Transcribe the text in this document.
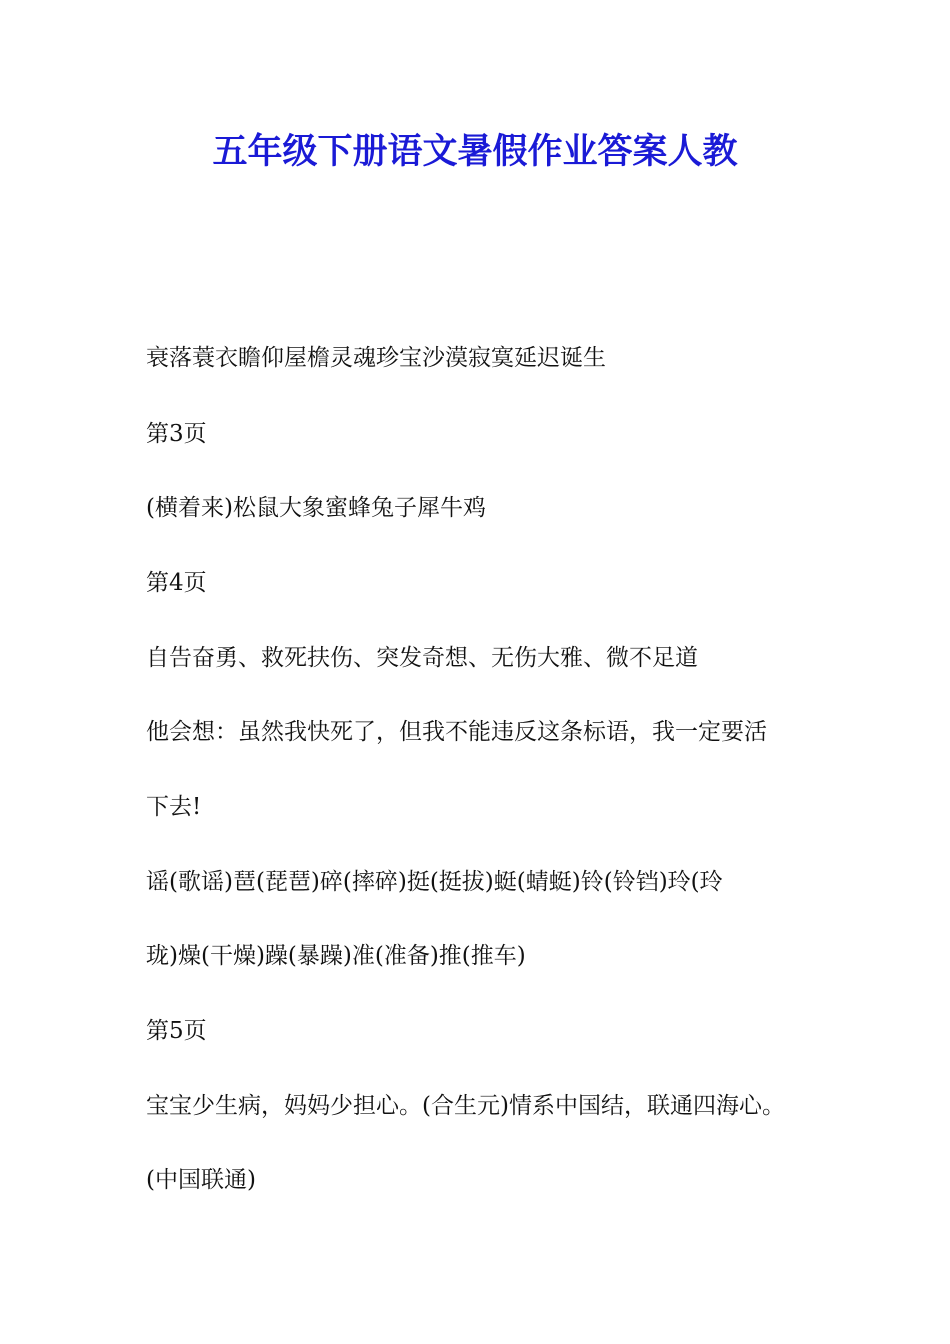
五年级下册语文暑假作业答案人教

衰落蓑衣瞻仰屋檐灵魂珍宝沙漠寂寞延迟诞生

第3页

(横着来)松鼠大象蜜蜂兔子犀牛鸡

第4页

自告奋勇、救死扶伤、突发奇想、无伤大雅、微不足道

他会想：虽然我快死了，但我不能违反这条标语，我一定要活

下去!

谣(歌谣)琶(琵琶)碎(摔碎)挺(挺拔)蜓(蜻蜓)铃(铃铛)玲(玲

珑)燥(干燥)躁(暴躁)准(准备)推(推车)

第5页

宝宝少生病，妈妈少担心。(合生元)情系中国结，联通四海心。

(中国联通)
